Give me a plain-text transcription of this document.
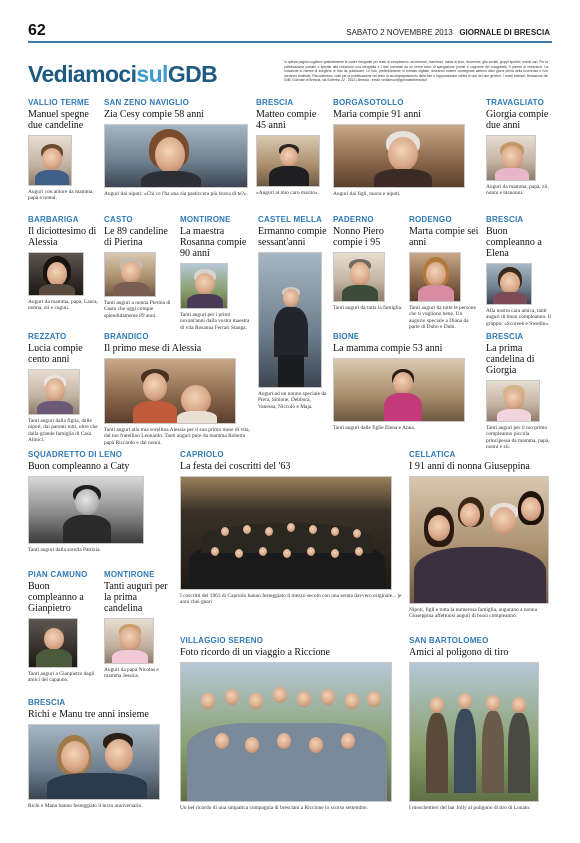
62	SABATO 2 NOVEMBRE 2013 GIORNALE DI BRESCIA
VediamocisulGDB	In questa pagina vogliamo gratuitamente le vostre fotografie per feste di compleanno, anniversari, matrimoni, classi di leva, ricorrenze, gite sociali, gruppi sportivi, eventi vari. Per la pubblicazione portate o spedite alla redazione una fotografia e i dati corredati da un breve testo di spiegazione (nome e cognome dei fotografati). Il parere di redazione. La redazione si riserva di scegliere le foto da pubblicare. Le foto, preferibilmente in formato digitale, dovranno essere consegnate almeno dieci giorni prima della ricorrenza e non verranno restituite. Riscuoteremo i dati per la pubblicazione nel testo di accompagnamento della foto e l'approvazione scritta di uno dei due genitori. I nostri indirizzi: Redazione del GdB, Giornale di Brescia, via Solferino 22 - 25121 Brescia - email: vediamoci@giornaledibrescia.it
VALLIO TERME
Manuel spegne due candeline
Auguri con amore da mamma, papà e nonni.
SAN ZENO NAVIGLIO
Zia Cesy compie 58 anni
Auguri dai nipoti: «Chi ce l'ha una zia pasticcera più brava di te?».
BRESCIA
Matteo compie 45 anni
«Auguri al mio caro marito».
BORGASOTOLLO
Maria compie 91 anni
Auguri dai figli, nuora e nipoti.
TRAVAGLIATO
Giorgia compie due anni
Auguri da mamma, papà, zii, nonni e bisnonni.
BARBARIGA
Il diciottesimo di Alessia
Auguri da mamma, papà, Laura, nonna, zii e cugini.
CASTO
Le 89 candeline di Pierina
Tanti auguri a nonna Pierina di Casto che oggi compie splendidamente 89 anni.
MONTIRONE
La maestra Rosanna compie 90 anni
Tanti auguri per i primi novant'anni dalla vostra maestra di vita Rosanna Ferrari Stanga.
CASTEL MELLA
Ermanno compie sessant'anni
Auguri ad un nonno speciale da Piera, Simone, Debbora, Vanessa, Niccolò e Maja.
PADERNO
Nonno Piero compie i 95
Tanti auguri da tutta la famiglia.
RODENGO
Marta compie sei anni
Tanti auguri da tutte le persone che ti vogliono bene. Un augurio speciale a Diana da parte di Dubo e Dubi.
BRESCIA
Buon compleanno a Elena
Alla nostra cara amica, tanti auguri di buon compleanno. Il gruppo: «Scoreek e Swedin».
REZZATO
Lucia compie cento anni
Tanti auguri dalla figlia, dalle nipoti, dai parenti tutti, oltre che dalla grande famiglia di Casa Almici.
BRANDICO
Il primo mese di Alessia
Tanti auguri alla mia sorellina Alessia per il suo primo mese di vita, dal tuo fratellino Leonardo. Tanti auguri pure da mamma Roberta papà Riccardo e dai nonni.
BIONE
La mamma compie 53 anni
Tanti auguri dalle figlie Elena e Anna.
BRESCIA
La prima candelina di Giorgia
Tanti auguri per il tuo primo compleanno piccola principessa da mamma, papà, nonni e zii.
SQUADRETTO DI LENO
Buon compleanno a Caty
Tanti auguri dalla sorella Patrizia.
CAPRIOLO
La festa dei coscritti del '63
I coscritti del 1963 di Capriolo hanno festeggiato il mezzo secolo con una serata davvero originale... je anni chei gnari
CELLATICA
I 91 anni di nonna Giuseppina
Nipoti, figli e tutta la numerosa famiglia, augurano a nonna Giuseppina affettuosi auguri di buon compleanno.
PIAN CAMUNO
Buon compleanno a Gianpietro
Tanti auguri a Gianpietro dagli amici del capanno.
MONTIRONE
Tanti auguri per la prima candelina
Auguri da papà Nicolas e mamma Jessica.
VILLAGGIO SERENO
Foto ricordo di un viaggio a Riccione
Un bel ricordo di una simpatica compagnia di bresciani a Riccione lo scorso settembre.
SAN BARTOLOMEO
Amici al poligono di tiro
I moschettieri del bar Jolly al poligono di tiro di Lonato.
BRESCIA
Richi e Manu tre anni insieme
Richi e Manu hanno festeggiato il terzo anniversario.
